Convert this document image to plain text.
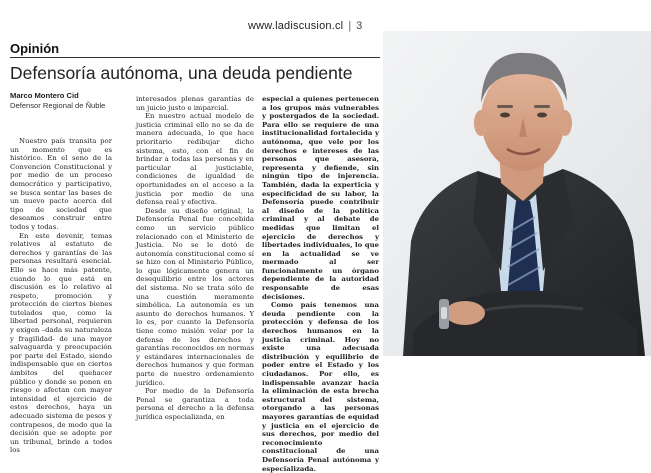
www.ladiscusion.cl | 3
Opinión
Defensoría autónoma, una deuda pendiente
Marco Montero Cid
Defensor Regional de Ñuble

Nuestro país transita por un momento que es histórico. En el seno de la Convención Constitucional y por medio de un proceso democrático y participativo, se busca sentar las bases de un nuevo pacto acerca del tipo de sociedad que deseamos construir entre todos y todas.

En este devenir, temas relativos al estatuto de derechos y garantías de las personas resultará esencial. Ello se hace más patente, cuando lo que está en discusión es lo relativo al respeto, promoción y protección de ciertos bienes tutelados que, como la libertad personal, requieren y exigen –dada su naturaleza y fragilidad- de una mayor salvaguarda y preocupación por parte del Estado, siendo indispensable que en ciertos ámbitos del quehacer público y donde se ponen en riesgo o afectan con mayor intensidad el ejercicio de estos derechos, haya un adecuado sistema de pesos y contrapesos, de modo que la decisión que se adopte por un tribunal, brinde a todos los

interesados plenas garantías de un juicio justo e imparcial.

En nuestro actual modelo de justicia criminal ello no se da de manera adecuada, lo que hace prioritario redibujar dicho sistema, esto, con el fin de brindar a todas las personas y en particular al justiciable, condiciones de igualdad de oportunidades en el acceso a la justicia por medio de una defensa real y efectiva.

Desde su diseño original, la Defensoría Penal fue concebida como un servicio público relacionado con el Ministerio de Justicia. No se le dotó de autonomía constitucional como sí se hizo con el Ministerio Público, lo que lógicamente genera un desequilibrio entre los actores del sistema. No se trata sólo de una cuestión meramente simbólica. La autonomía es un asunto de derechos humanos. Y lo es, por cuanto la Defensoría tiene como misión velar por la defensa de los derechos y garantías reconocidos en normas y estándares internacionales de derechos humanos y que forman parte de nuestro ordenamiento jurídico.

Por medio de la Defensoría Penal se garantiza a toda persona el derecho a la defensa jurídica especializada, en

especial a quienes pertenecen a los grupos más vulnerables y postergados de la sociedad. Para ello se requiere de una institucionalidad fortalecida y autónoma, que vele por los derechos e intereses de las personas que asesora, representa y defiende, sin ningún tipo de injerencia. También, dada la experticia y especificidad de su labor, la Defensoría puede contribuir al diseño de la política criminal y al debate de medidas que limitan el ejercicio de derechos y libertades individuales, lo que en la actualidad se ve mermado al ser funcionalmente un órgano dependiente de la autoridad responsable de esas decisiones.

Como país tenemos una deuda pendiente con la protección y defensa de los derechos humanos en la justicia criminal. Hoy no existe una adecuada distribución y equilibrio de poder entre el Estado y los ciudadanos. Por ello, es indispensable avanzar hacia la eliminación de esta brecha estructural del sistema, otorgando a las personas mayores garantías de equidad y justicia en el ejercicio de sus derechos, por medio del reconocimiento constitucional de una Defensoría Penal autónoma y especializada.
